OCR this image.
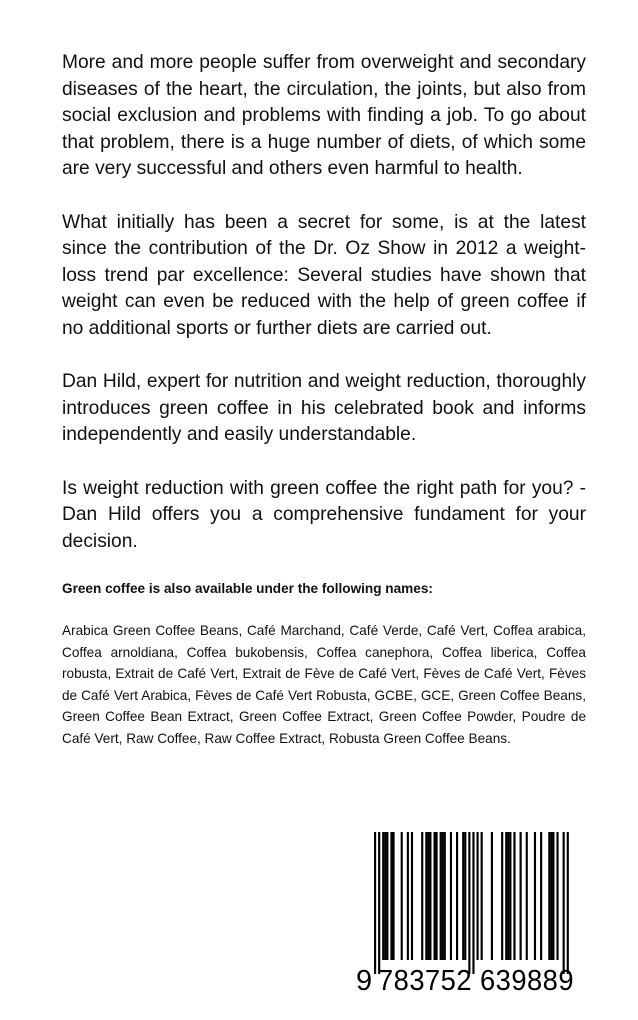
More and more people suffer from overweight and secondary diseases of the heart, the circulation, the joints, but also from social exclusion and problems with finding a job. To go about that problem, there is a huge number of diets, of which some are very successful and others even harmful to health.

What initially has been a secret for some, is at the latest since the contribution of the Dr. Oz Show in 2012 a weight-loss trend par excellence: Several studies have shown that weight can even be reduced with the help of green coffee if no additional sports or further diets are carried out.

Dan Hild, expert for nutrition and weight reduction, thoroughly introduces green coffee in his celebrated book and informs independently and easily understandable.

Is weight reduction with green coffee the right path for you? - Dan Hild offers you a comprehensive fundament for your decision.

Green coffee is also available under the following names:

Arabica Green Coffee Beans, Café Marchand, Café Verde, Café Vert, Coffea arabica, Coffea arnoldiana, Coffea bukobensis, Coffea canephora, Coffea liberica, Coffea robusta, Extrait de Café Vert, Extrait de Fève de Café Vert, Fèves de Café Vert, Fèves de Café Vert Arabica, Fèves de Café Vert Robusta, GCBE, GCE, Green Coffee Beans, Green Coffee Bean Extract, Green Coffee Extract, Green Coffee Powder, Poudre de Café Vert, Raw Coffee, Raw Coffee Extract, Robusta Green Coffee Beans.

9 783752 639889
